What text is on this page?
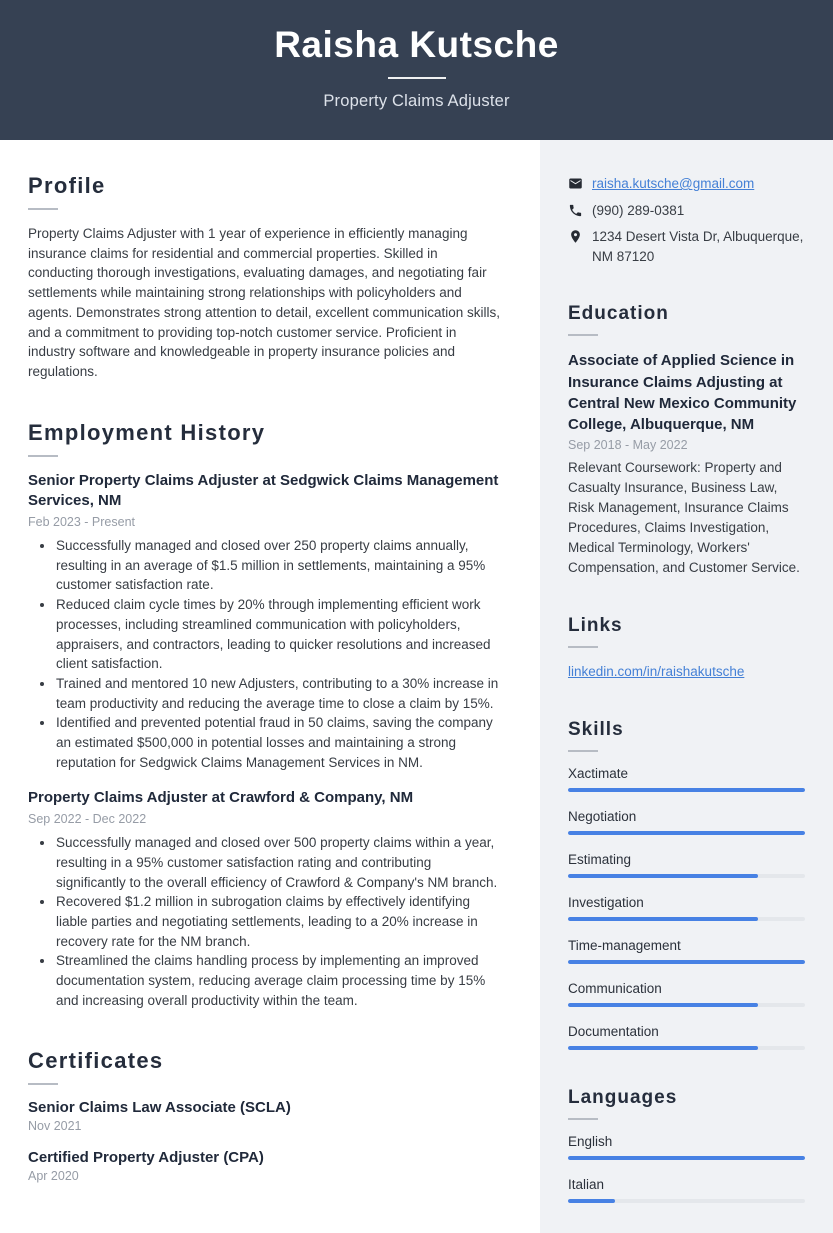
Raisha Kutsche
Property Claims Adjuster
Profile

Property Claims Adjuster with 1 year of experience in efficiently managing insurance claims for residential and commercial properties. Skilled in conducting thorough investigations, evaluating damages, and negotiating fair settlements while maintaining strong relationships with policyholders and agents. Demonstrates strong attention to detail, excellent communication skills, and a commitment to providing top-notch customer service. Proficient in industry software and knowledgeable in property insurance policies and regulations.

Employment History
Senior Property Claims Adjuster at Sedgwick Claims Management Services, NM
Feb 2023 - Present
• Successfully managed and closed over 250 property claims annually, resulting in an average of $1.5 million in settlements, maintaining a 95% customer satisfaction rate.
• Reduced claim cycle times by 20% through implementing efficient work processes, including streamlined communication with policyholders, appraisers, and contractors, leading to quicker resolutions and increased client satisfaction.
• Trained and mentored 10 new Adjusters, contributing to a 30% increase in team productivity and reducing the average time to close a claim by 15%.
• Identified and prevented potential fraud in 50 claims, saving the company an estimated $500,000 in potential losses and maintaining a strong reputation for Sedgwick Claims Management Services in NM.
Property Claims Adjuster at Crawford & Company, NM
Sep 2022 - Dec 2022
• Successfully managed and closed over 500 property claims within a year, resulting in a 95% customer satisfaction rating and contributing significantly to the overall efficiency of Crawford & Company's NM branch.
• Recovered $1.2 million in subrogation claims by effectively identifying liable parties and negotiating settlements, leading to a 20% increase in recovery rate for the NM branch.
• Streamlined the claims handling process by implementing an improved documentation system, reducing average claim processing time by 15% and increasing overall productivity within the team.
Certificates
Senior Claims Law Associate (SCLA)
Nov 2021
Certified Property Adjuster (CPA)
Apr 2020
raisha.kutsche@gmail.com
(990) 289-0381
1234 Desert Vista Dr, Albuquerque, NM 87120
Education
Associate of Applied Science in Insurance Claims Adjusting at Central New Mexico Community College, Albuquerque, NM
Sep 2018 - May 2022
Relevant Coursework: Property and Casualty Insurance, Business Law, Risk Management, Insurance Claims Procedures, Claims Investigation, Medical Terminology, Workers' Compensation, and Customer Service.
Links
linkedin.com/in/raishakutsche
Skills
Xactimate
Negotiation
Estimating
Investigation
Time-management
Communication
Documentation
Languages
English
Italian
